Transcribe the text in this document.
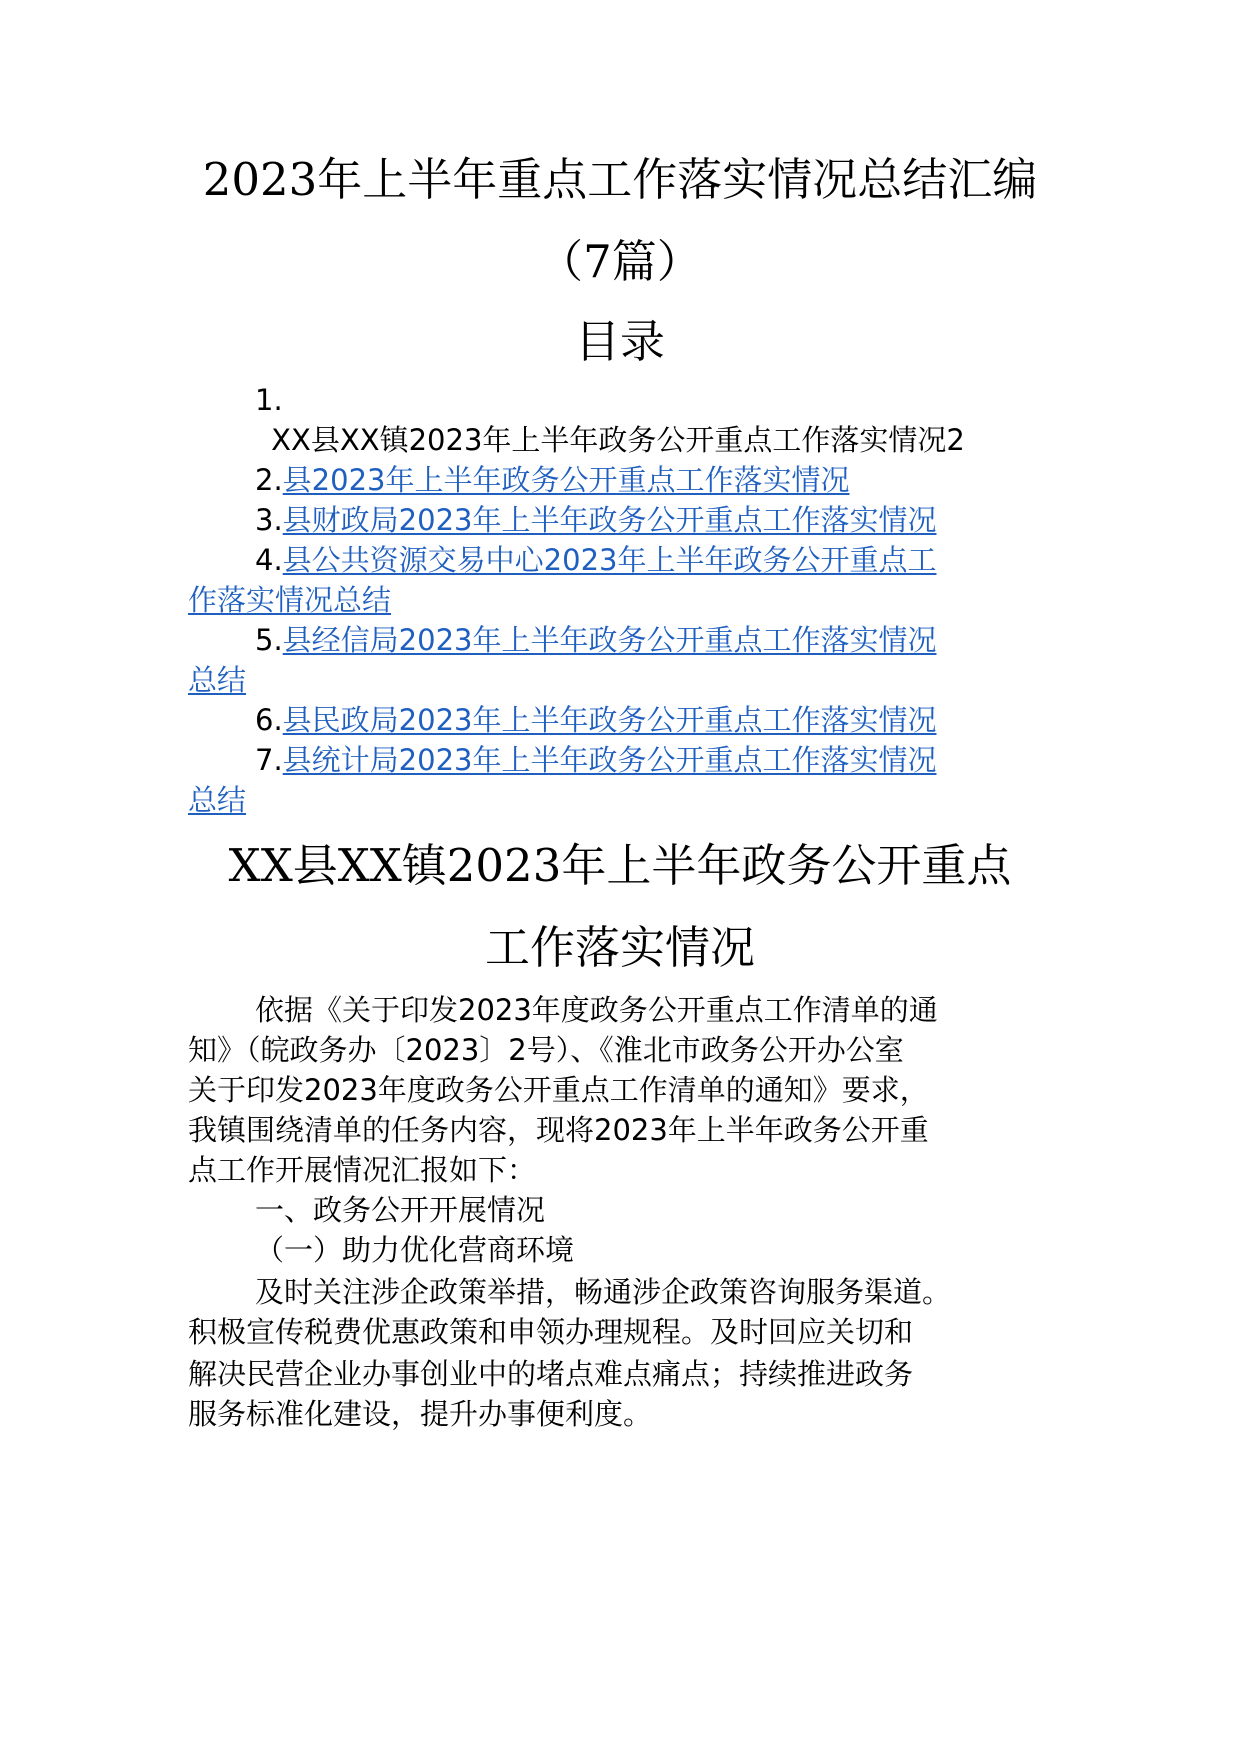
2023年上半年重点工作落实情况总结汇编
（7篇）
目录
1.
XX县XX镇2023年上半年政务公开重点工作落实情况2
2.县2023年上半年政务公开重点工作落实情况
3.县财政局2023年上半年政务公开重点工作落实情况
4.县公共资源交易中心2023年上半年政务公开重点工
作落实情况总结
5.县经信局2023年上半年政务公开重点工作落实情况
总结
6.县民政局2023年上半年政务公开重点工作落实情况
7.县统计局2023年上半年政务公开重点工作落实情况
总结
XX县XX镇2023年上半年政务公开重点
工作落实情况
依据《关于印发2023年度政务公开重点工作清单的通
知》（皖政务办〔2023〕2号）、《淮北市政务公开办公室
关于印发2023年度政务公开重点工作清单的通知》要求，
我镇围绕清单的任务内容，现将2023年上半年政务公开重
点工作开展情况汇报如下：
一、政务公开开展情况
（一）助力优化营商环境
及时关注涉企政策举措，畅通涉企政策咨询服务渠道。
积极宣传税费优惠政策和申领办理规程。及时回应关切和
解决民营企业办事创业中的堵点难点痛点；持续推进政务
服务标准化建设，提升办事便利度。
